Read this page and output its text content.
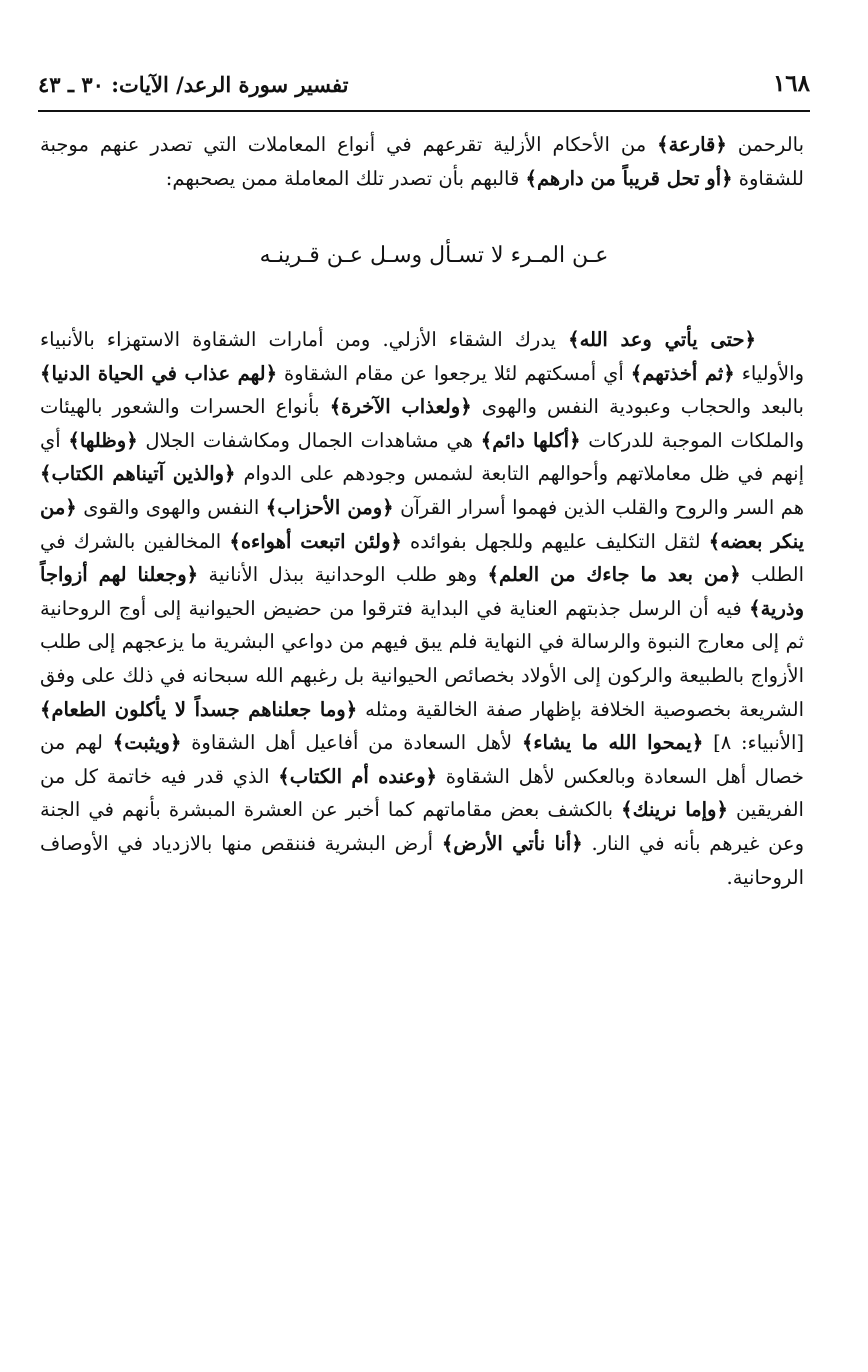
١٦٨
تفسير سورة الرعد/ الآيات: ٣٠ ـ ٤٣

بالرحمن ﴿ قارعة ﴾ من الأحكام الأزلية تقرعهم في أنواع المعاملات التي تصدر عنهم موجبة للشقاوة ﴿ أو تحل قريباً من دارهم ﴾ قالبهم بأن تصدر تلك المعاملة ممن يصحبهم:

عـن المـرء لا تسـأل وسـل عـن قـرينـه

﴿ حتى يأتي وعد الله ﴾ يدرك الشقاء الأزلي. ومن أمارات الشقاوة الاستهزاء بالأنبياء والأولياء ﴿ ثم أخذتهم ﴾ أي أمسكتهم لئلا يرجعوا عن مقام الشقاوة ﴿ لهم عذاب في الحياة الدنيا ﴾ بالبعد والحجاب وعبودية النفس والهوى ﴿ ولعذاب الآخرة ﴾ بأنواع الحسرات والشعور بالهيئات والملكات الموجبة للدركات ﴿ أكلها دائم ﴾ هي مشاهدات الجمال ومكاشفات الجلال ﴿ وظلها ﴾ أي إنهم في ظل معاملاتهم وأحوالهم التابعة لشمس وجودهم على الدوام ﴿ والذين آتيناهم الكتاب ﴾ هم السر والروح والقلب الذين فهموا أسرار القرآن ﴿ ومن الأحزاب ﴾ النفس والهوى والقوى ﴿ من ينكر بعضه ﴾ لثقل التكليف عليهم وللجهل بفوائده ﴿ ولئن اتبعت أهواءه ﴾ المخالفين بالشرك في الطلب ﴿ من بعد ما جاءك من العلم ﴾ وهو طلب الوحدانية ببذل الأنانية ﴿ وجعلنا لهم أزواجاً وذرية ﴾ فيه أن الرسل جذبتهم العناية في البداية فترقوا من حضيض الحيوانية إلى أوج الروحانية ثم إلى معارج النبوة والرسالة في النهاية فلم يبق فيهم من دواعي البشرية ما يزعجهم إلى طلب الأزواج بالطبيعة والركون إلى الأولاد بخصائص الحيوانية بل رغبهم الله سبحانه في ذلك على وفق الشريعة بخصوصية الخلافة بإظهار صفة الخالقية ومثله ﴿ وما جعلناهم جسداً لا يأكلون الطعام ﴾ [الأنبياء: ٨] ﴿ يمحوا الله ما يشاء ﴾ لأهل السعادة من أفاعيل أهل الشقاوة ﴿ ويثبت ﴾ لهم من خصال أهل السعادة وبالعكس لأهل الشقاوة ﴿ وعنده أم الكتاب ﴾ الذي قدر فيه خاتمة كل من الفريقين ﴿ وإما نرينك ﴾ بالكشف بعض مقاماتهم كما أخبر عن العشرة المبشرة بأنهم في الجنة وعن غيرهم بأنه في النار. ﴿ أنا نأتي الأرض ﴾ أرض البشرية فننقص منها بالازدياد في الأوصاف الروحانية.
